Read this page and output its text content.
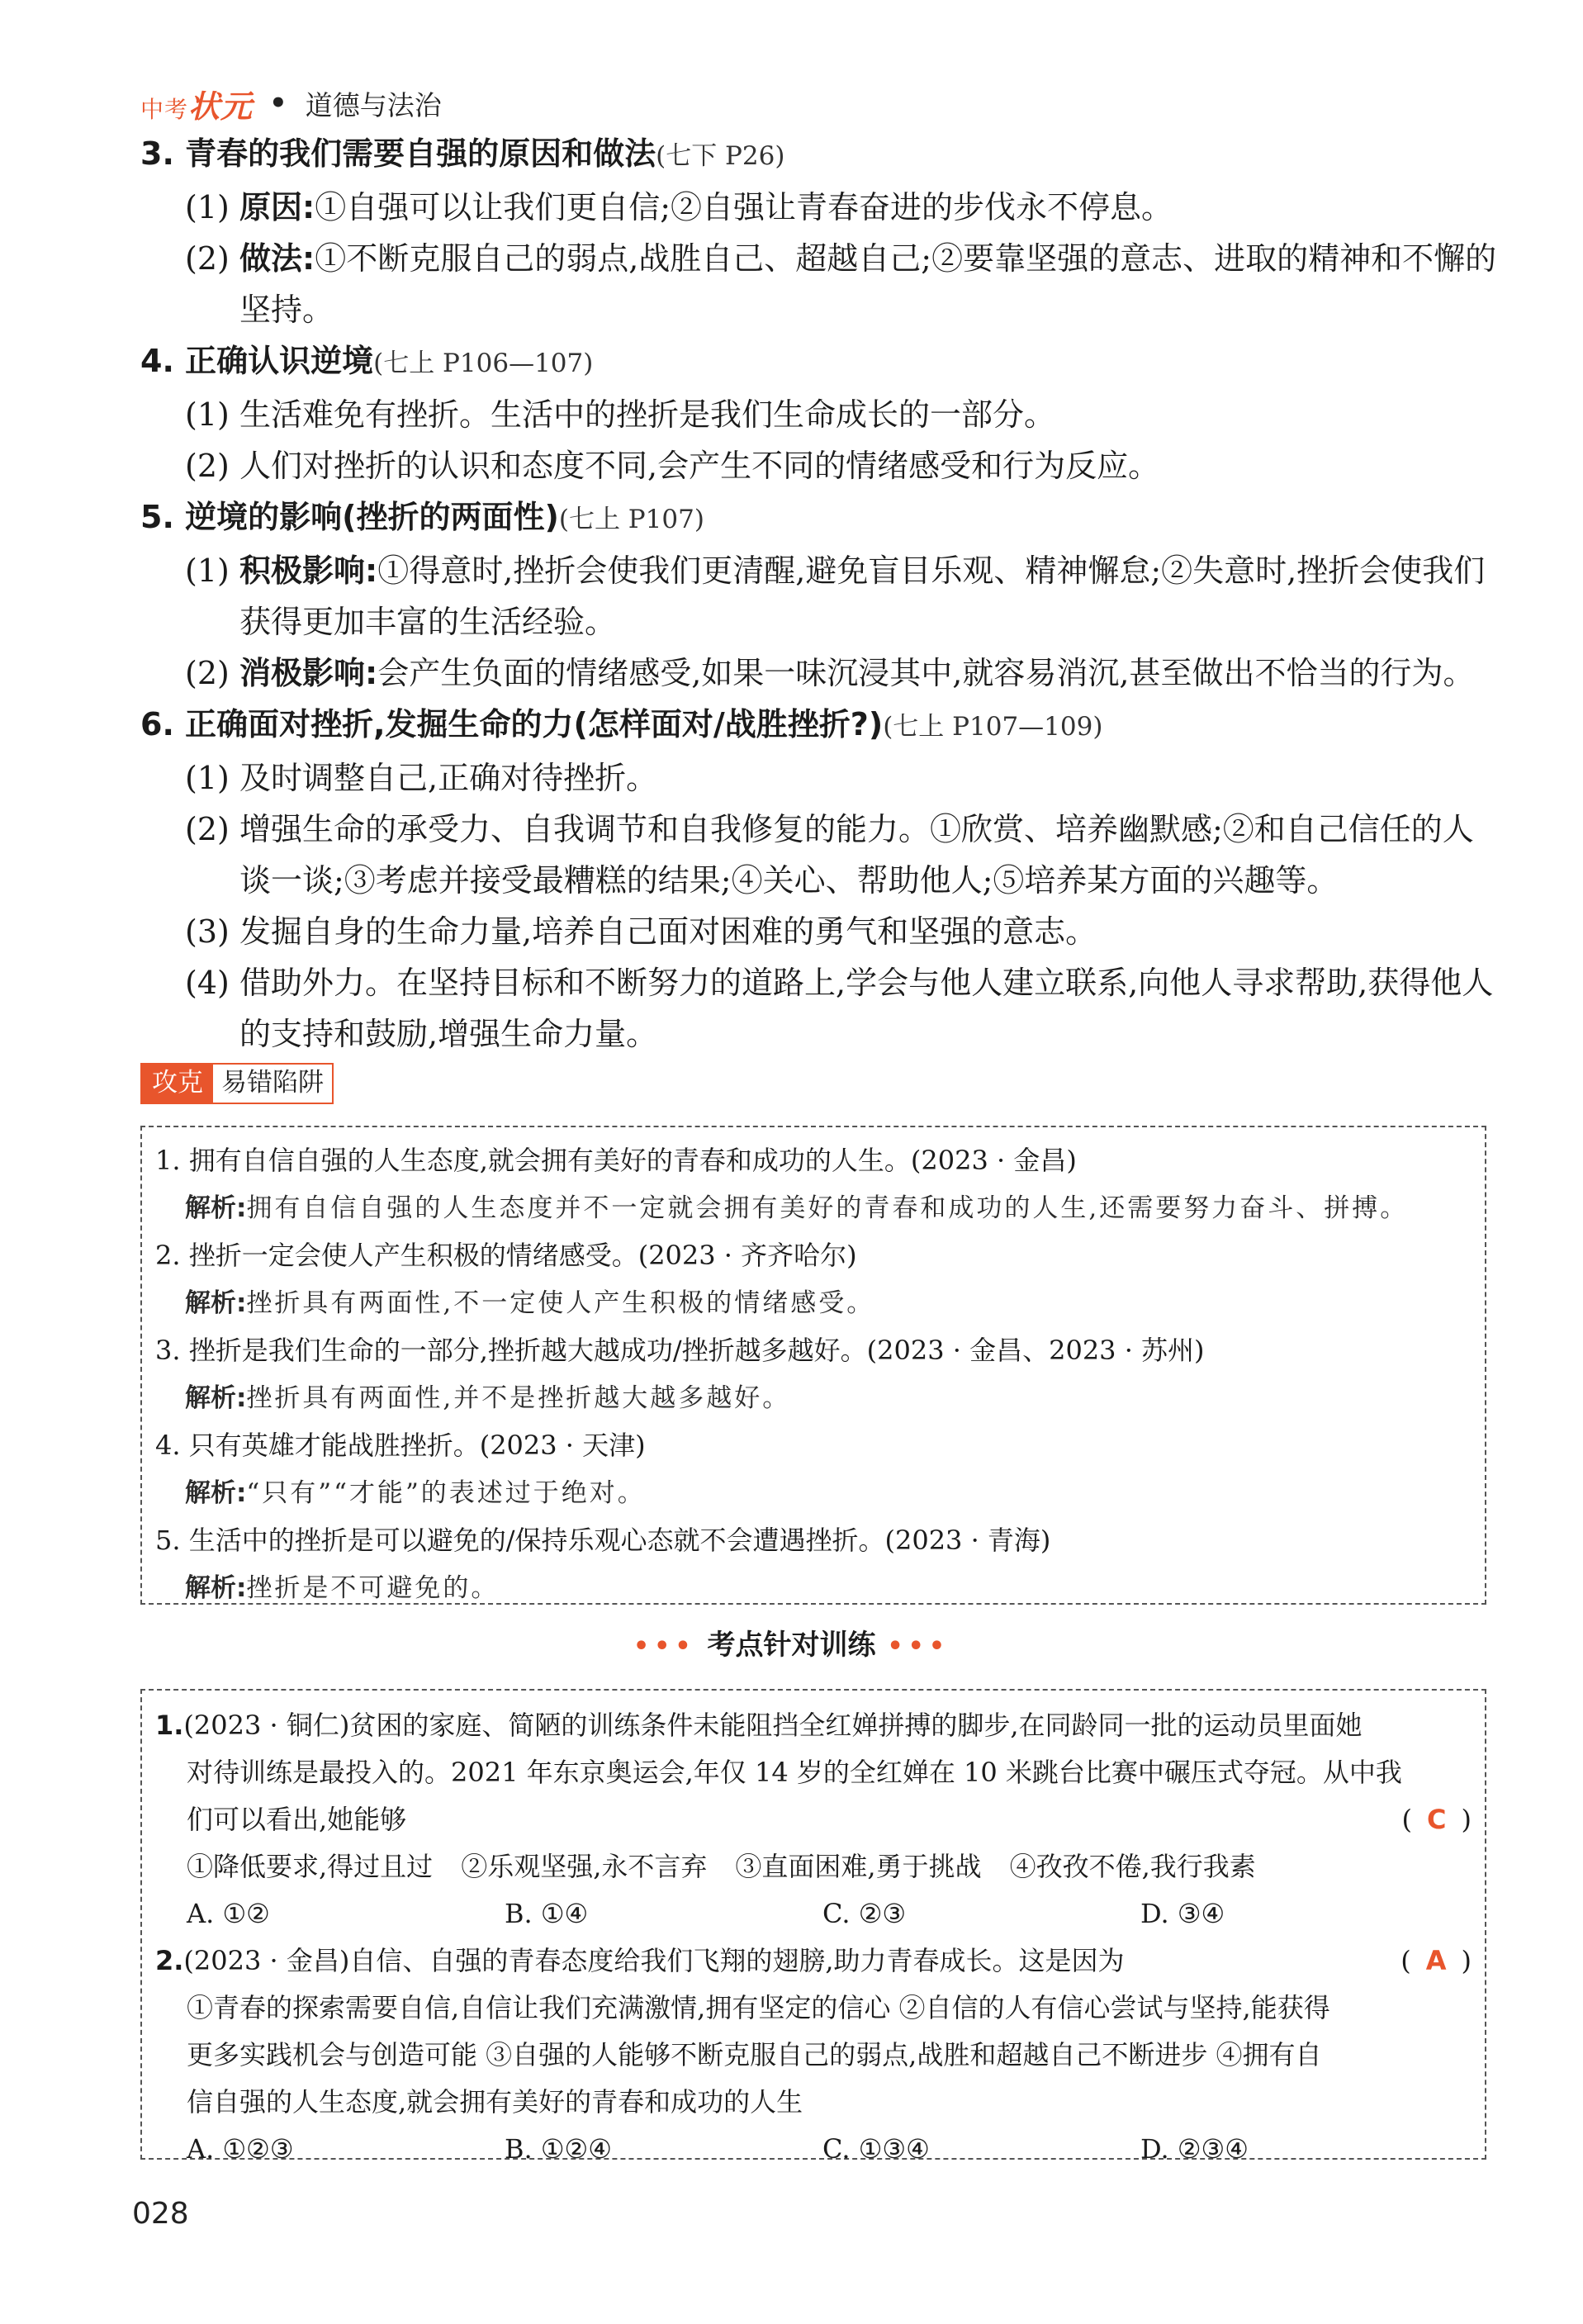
中考状元 • 道德与法治
3. 青春的我们需要自强的原因和做法(七下 P26)
(1) 原因:①自强可以让我们更自信;②自强让青春奋进的步伐永不停息。
(2) 做法:①不断克服自己的弱点,战胜自己、超越自己;②要靠坚强的意志、进取的精神和不懈的坚持。
4. 正确认识逆境(七上 P106—107)
(1) 生活难免有挫折。生活中的挫折是我们生命成长的一部分。
(2) 人们对挫折的认识和态度不同,会产生不同的情绪感受和行为反应。
5. 逆境的影响(挫折的两面性)(七上 P107)
(1) 积极影响:①得意时,挫折会使我们更清醒,避免盲目乐观、精神懈怠;②失意时,挫折会使我们获得更加丰富的生活经验。
(2) 消极影响:会产生负面的情绪感受,如果一味沉浸其中,就容易消沉,甚至做出不恰当的行为。
6. 正确面对挫折,发掘生命的力(怎样面对/战胜挫折?)(七上 P107—109)
(1) 及时调整自己,正确对待挫折。
(2) 增强生命的承受力、自我调节和自我修复的能力。①欣赏、培养幽默感;②和自己信任的人谈一谈;③考虑并接受最糟糕的结果;④关心、帮助他人;⑤培养某方面的兴趣等。
(3) 发掘自身的生命力量,培养自己面对困难的勇气和坚强的意志。
(4) 借助外力。在坚持目标和不断努力的道路上,学会与他人建立联系,向他人寻求帮助,获得他人的支持和鼓励,增强生命力量。
攻克 易错陷阱
1. 拥有自信自强的人生态度,就会拥有美好的青春和成功的人生。(2023 · 金昌)
解析:拥有自信自强的人生态度并不一定就会拥有美好的青春和成功的人生,还需要努力奋斗、拼搏。
2. 挫折一定会使人产生积极的情绪感受。(2023 · 齐齐哈尔)
解析:挫折具有两面性,不一定使人产生积极的情绪感受。
3. 挫折是我们生命的一部分,挫折越大越成功/挫折越多越好。(2023 · 金昌、2023 · 苏州)
解析:挫折具有两面性,并不是挫折越大越多越好。
4. 只有英雄才能战胜挫折。(2023 · 天津)
解析:“只有”“才能”的表述过于绝对。
5. 生活中的挫折是可以避免的/保持乐观心态就不会遭遇挫折。(2023 · 青海)
解析:挫折是不可避免的。
••• 考点针对训练 •••
1.(2023 · 铜仁)贫困的家庭、简陋的训练条件未能阻挡全红婵拼搏的脚步,在同龄同一批的运动员里面她
对待训练是最投入的。2021 年东京奥运会,年仅 14 岁的全红婵在 10 米跳台比赛中碾压式夺冠。从中我
们可以看出,她能够	( C )
①降低要求,得过且过 ②乐观坚强,永不言弃 ③直面困难,勇于挑战 ④孜孜不倦,我行我素
A. ①②	B. ①④	C. ②③	D. ③④
2.(2023 · 金昌)自信、自强的青春态度给我们飞翔的翅膀,助力青春成长。这是因为	( A )
①青春的探索需要自信,自信让我们充满激情,拥有坚定的信心 ②自信的人有信心尝试与坚持,能获得
更多实践机会与创造可能 ③自强的人能够不断克服自己的弱点,战胜和超越自己不断进步 ④拥有自
信自强的人生态度,就会拥有美好的青春和成功的人生
A. ①②③	B. ①②④	C. ①③④	D. ②③④
028
